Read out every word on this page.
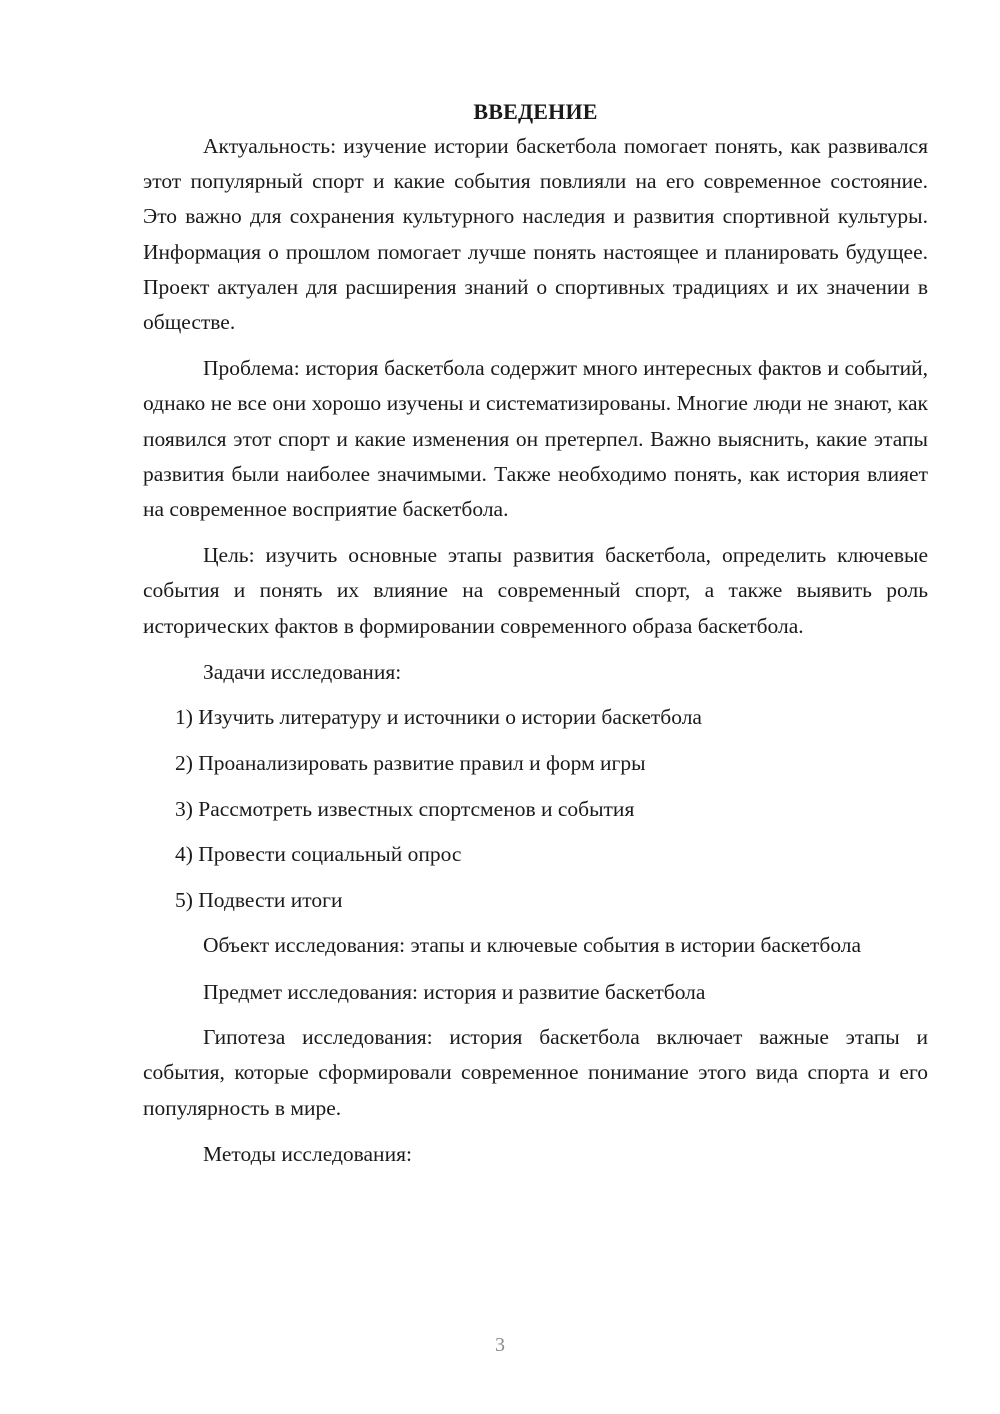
ВВЕДЕНИЕ

Актуальность: изучение истории баскетбола помогает понять, как развивался этот популярный спорт и какие события повлияли на его современное состояние. Это важно для сохранения культурного наследия и развития спортивной культуры. Информация о прошлом помогает лучше понять настоящее и планировать будущее. Проект актуален для расширения знаний о спортивных традициях и их значении в обществе.

Проблема: история баскетбола содержит много интересных фактов и событий, однако не все они хорошо изучены и систематизированы. Многие люди не знают, как появился этот спорт и какие изменения он претерпел. Важно выяснить, какие этапы развития были наиболее значимыми. Также необходимо понять, как история влияет на современное восприятие баскетбола.

Цель: изучить основные этапы развития баскетбола, определить ключевые события и понять их влияние на современный спорт, а также выявить роль исторических фактов в формировании современного образа баскетбола.

Задачи исследования:

1) Изучить литературу и источники о истории баскетбола
2) Проанализировать развитие правил и форм игры
3) Рассмотреть известных спортсменов и события
4) Провести социальный опрос
5) Подвести итоги

Объект исследования: этапы и ключевые события в истории баскетбола

Предмет исследования: история и развитие баскетбола

Гипотеза исследования: история баскетбола включает важные этапы и события, которые сформировали современное понимание этого вида спорта и его популярность в мире.

Методы исследования:

3
